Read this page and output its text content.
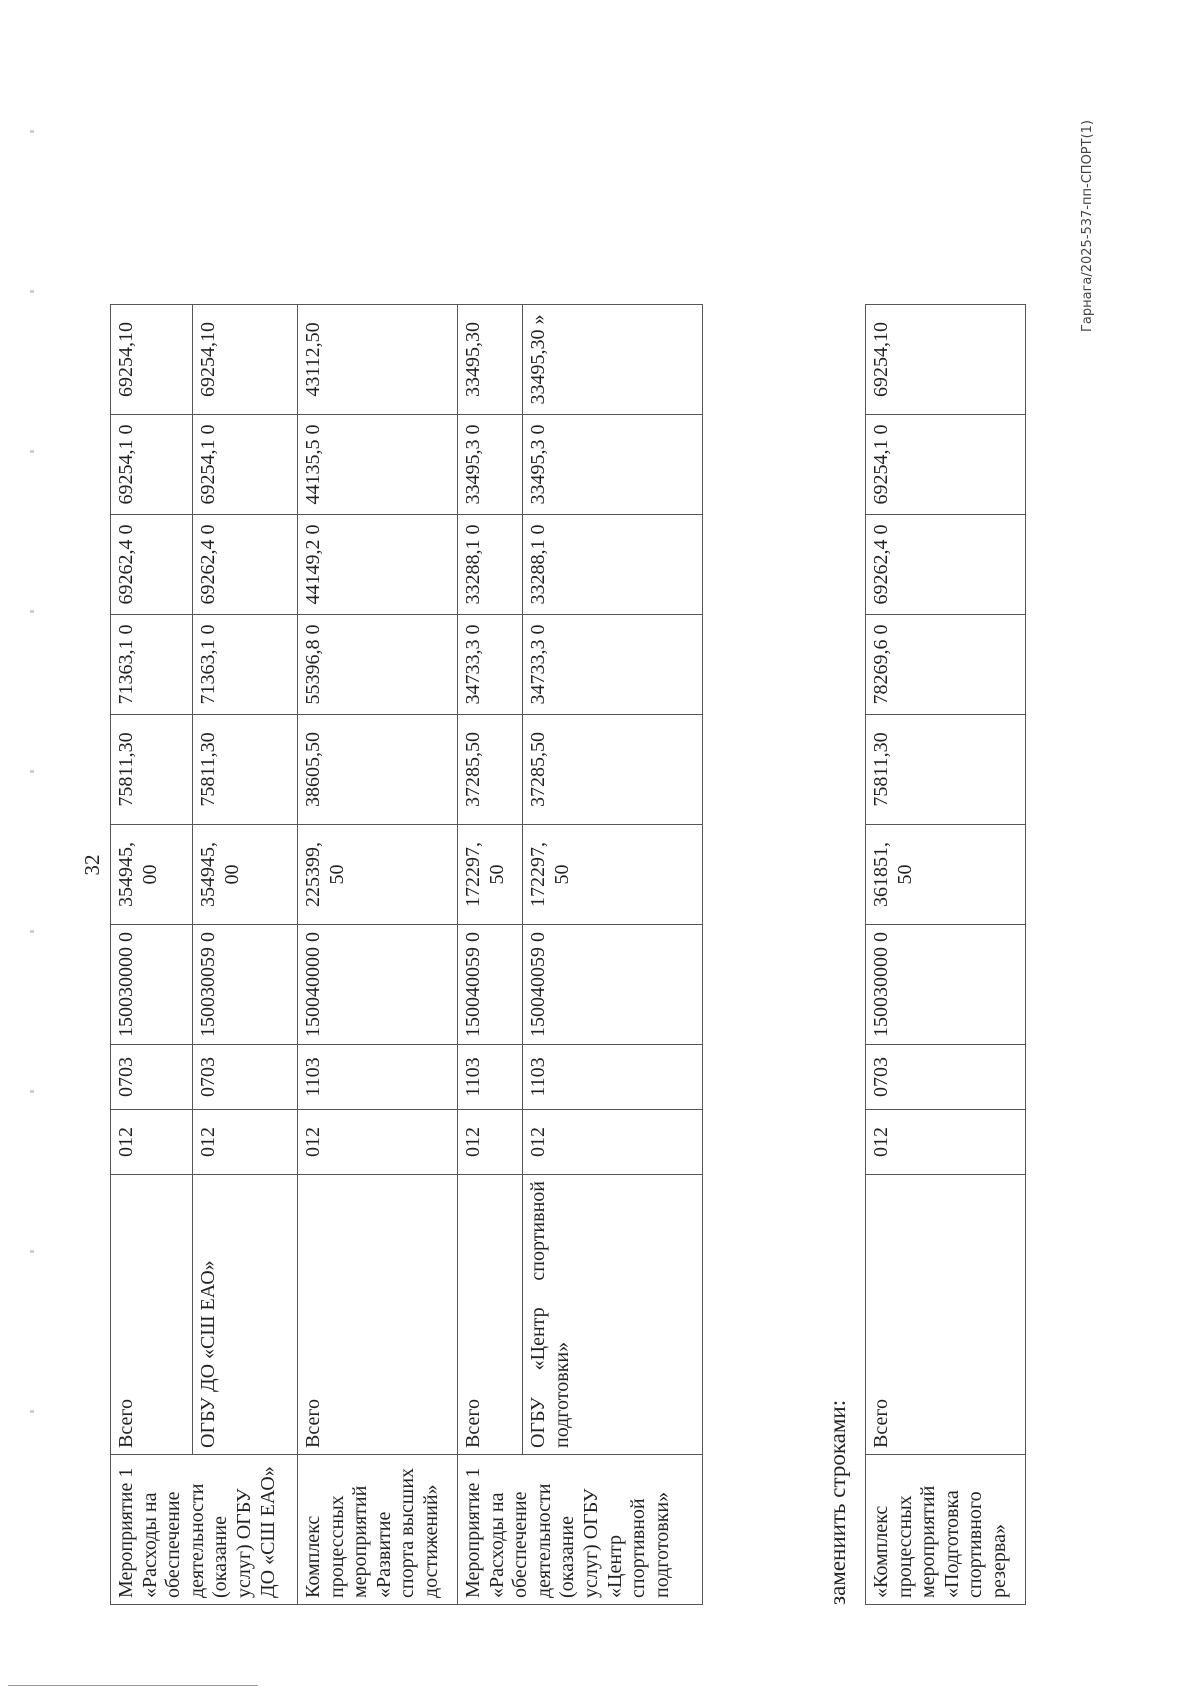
32
Мероприятие 1 «Расходы на обеспечение деятельности (оказание услуг) ОГБУ ДО «СШ ЕАО»	Всего	012	0703	150030000 0	354945, 00	75811,30	71363,1 0	69262,4 0	69254,1 0	69254,10
	ОГБУ ДО «СШ ЕАО»	012	0703	150030059 0	354945, 00	75811,30	71363,1 0	69262,4 0	69254,1 0	69254,10
Комплекс процессных мероприятий «Развитие спорта высших достижений»	Всего	012	1103	150040000 0	225399, 50	38605,50	55396,8 0	44149,2 0	44135,5 0	43112,50
Мероприятие 1 «Расходы на обеспечение деятельности (оказание услуг) ОГБУ «Центр спортивной подготовки»	Всего	012	1103	150040059 0	172297, 50	37285,50	34733,3 0	33288,1 0	33495,3 0	33495,30
	ОГБУ «Центр спортивной подготовки»	012	1103	150040059 0	172297, 50	37285,50	34733,3 0	33288,1 0	33495,3 0	33495,30 »
замениить строками: «Комплекс процессных мероприятий «Подготовка спортивного резерва»	Всего	012	0703	150030000 0	361851, 50	75811,30	78269,6 0	69262,4 0	69254,1 0	69254,10
Гарнага/2025-537-пп-СПОРТ(1)
